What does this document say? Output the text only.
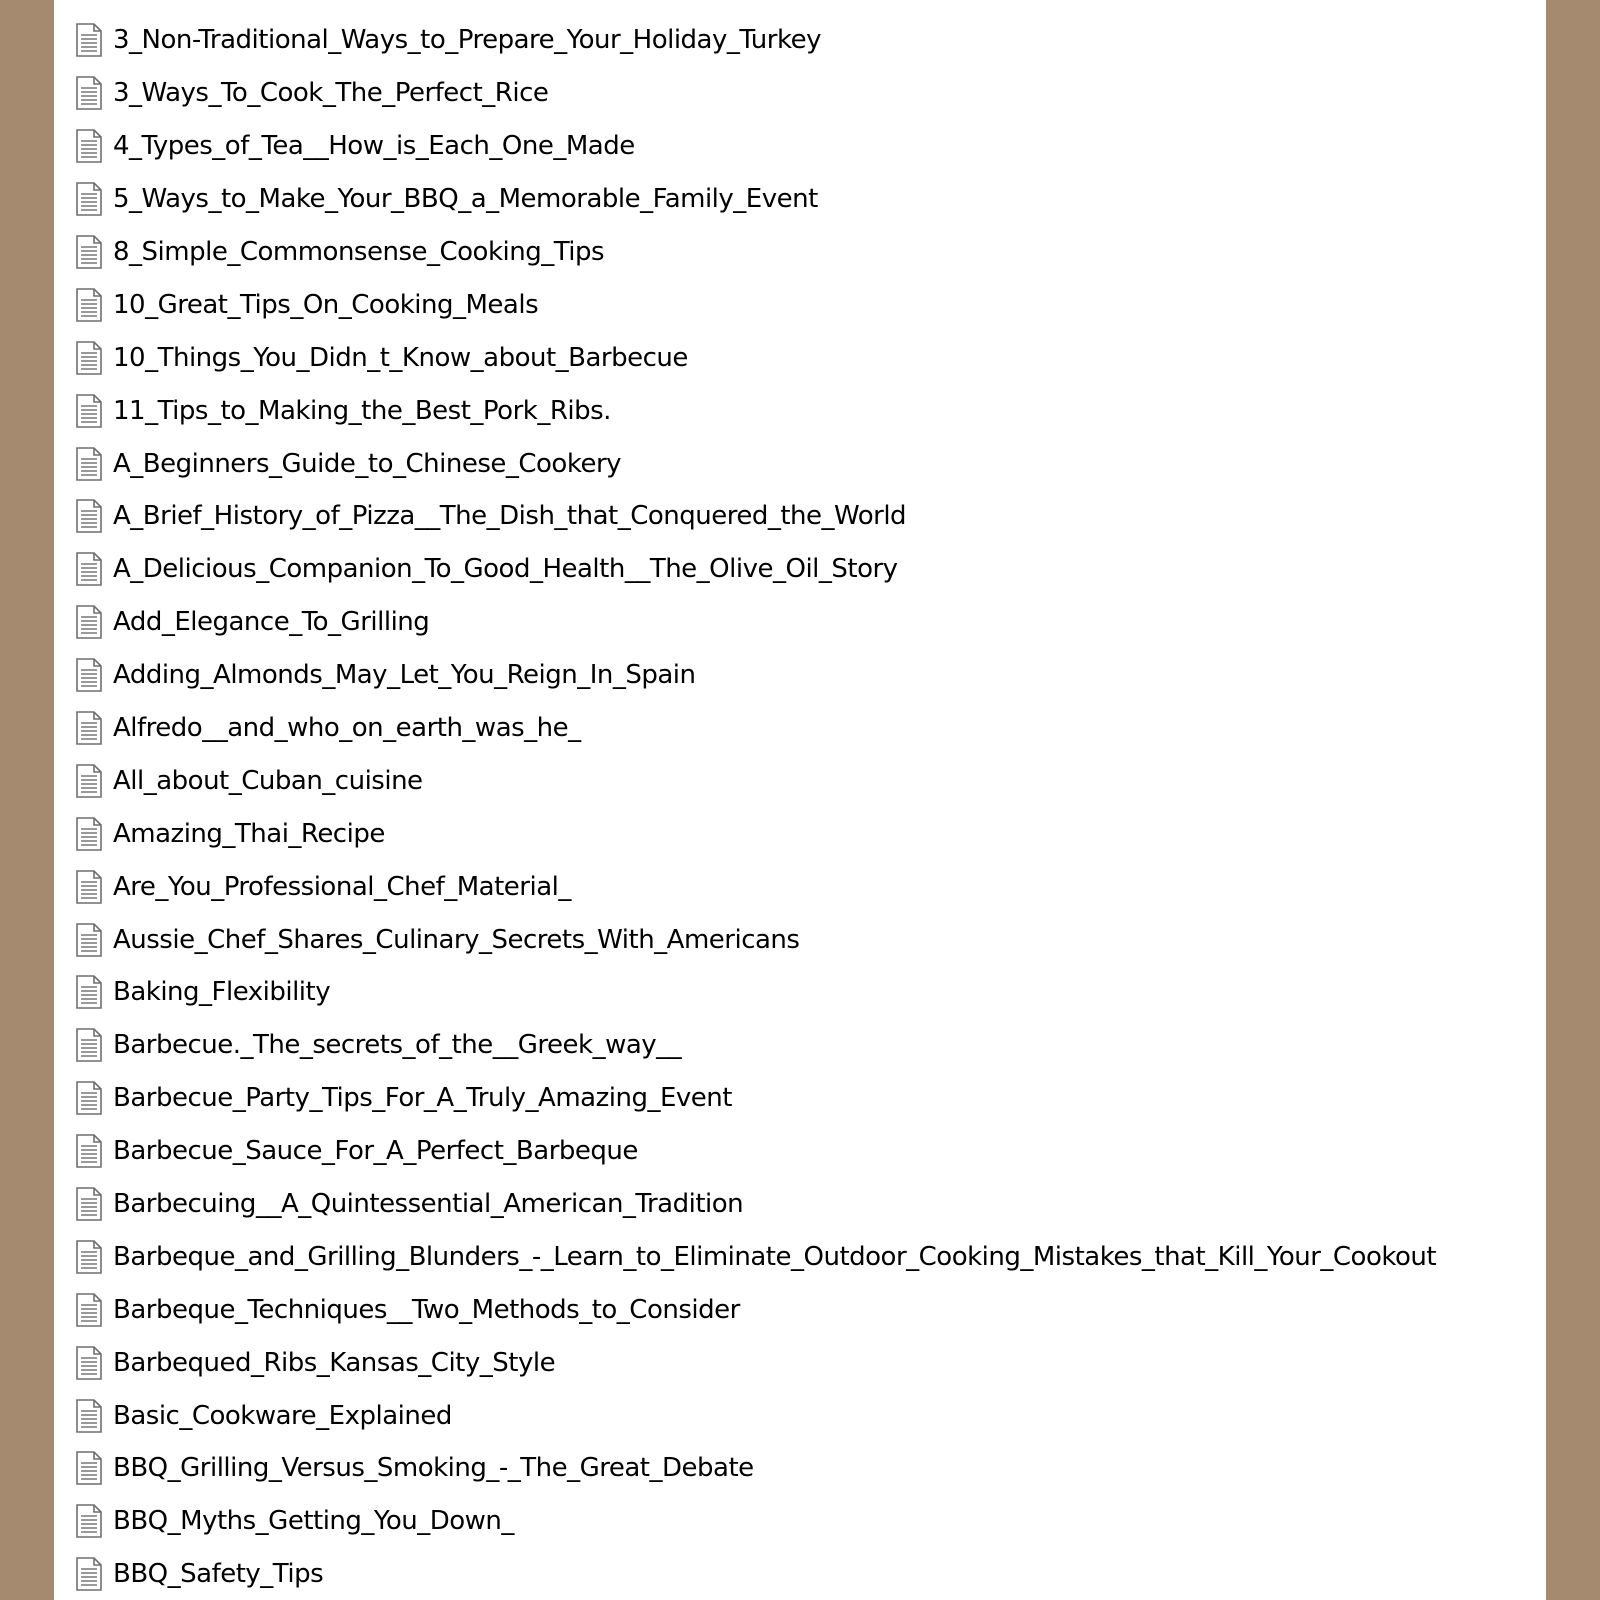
3_Non-Traditional_Ways_to_Prepare_Your_Holiday_Turkey
3_Ways_To_Cook_The_Perfect_Rice
4_Types_of_Tea__How_is_Each_One_Made
5_Ways_to_Make_Your_BBQ_a_Memorable_Family_Event
8_Simple_Commonsense_Cooking_Tips
10_Great_Tips_On_Cooking_Meals
10_Things_You_Didn_t_Know_about_Barbecue
11_Tips_to_Making_the_Best_Pork_Ribs.
A_Beginners_Guide_to_Chinese_Cookery
A_Brief_History_of_Pizza__The_Dish_that_Conquered_the_World
A_Delicious_Companion_To_Good_Health__The_Olive_Oil_Story
Add_Elegance_To_Grilling
Adding_Almonds_May_Let_You_Reign_In_Spain
Alfredo__and_who_on_earth_was_he_
All_about_Cuban_cuisine
Amazing_Thai_Recipe
Are_You_Professional_Chef_Material_
Aussie_Chef_Shares_Culinary_Secrets_With_Americans
Baking_Flexibility
Barbecue._The_secrets_of_the__Greek_way__
Barbecue_Party_Tips_For_A_Truly_Amazing_Event
Barbecue_Sauce_For_A_Perfect_Barbeque
Barbecuing__A_Quintessential_American_Tradition
Barbeque_and_Grilling_Blunders_-_Learn_to_Eliminate_Outdoor_Cooking_Mistakes_that_Kill_Your_Cookout
Barbeque_Techniques__Two_Methods_to_Consider
Barbequed_Ribs_Kansas_City_Style
Basic_Cookware_Explained
BBQ_Grilling_Versus_Smoking_-_The_Great_Debate
BBQ_Myths_Getting_You_Down_
BBQ_Safety_Tips
